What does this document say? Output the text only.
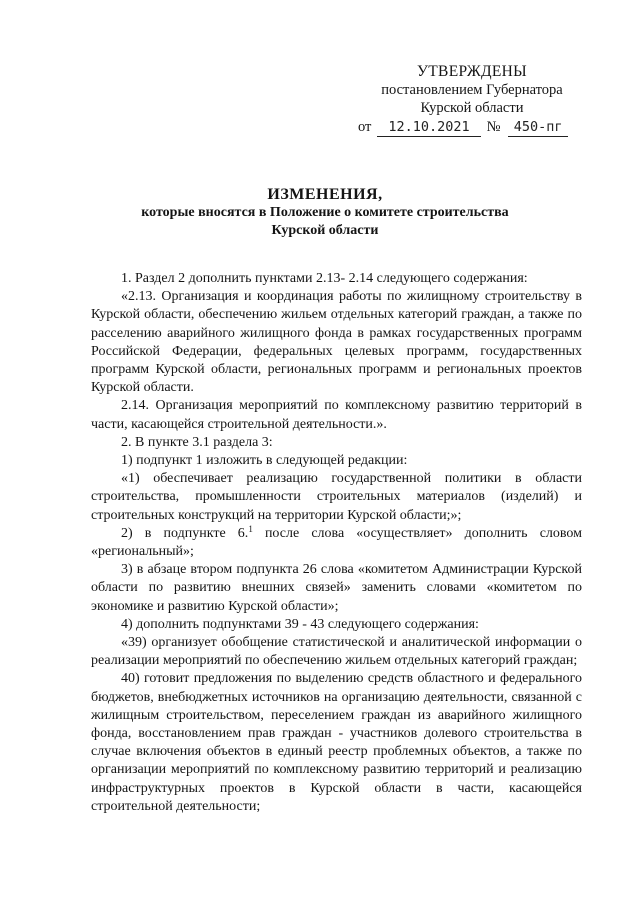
УТВЕРЖДЕНЫ
постановлением Губернатора
Курской области
от 12.10.2021 № 450-пг
ИЗМЕНЕНИЯ,
которые вносятся в Положение о комитете строительства
Курской области

1. Раздел 2 дополнить пунктами 2.13- 2.14 следующего содержания:

«2.13. Организация и координация работы по жилищному строительству в Курской области, обеспечению жильем отдельных категорий граждан, а также по расселению аварийного жилищного фонда в рамках государственных программ Российской Федерации, федеральных целевых программ, государственных программ Курской области, региональных программ и региональных проектов Курской области.

2.14. Организация мероприятий по комплексному развитию территорий в части, касающейся строительной деятельности.».

2. В пункте 3.1 раздела 3:

1) подпункт 1 изложить в следующей редакции:

«1) обеспечивает реализацию государственной политики в области строительства, промышленности строительных материалов (изделий) и строительных конструкций на территории Курской области;»;

2) в подпункте 6.$^1$ после слова «осуществляет» дополнить словом «региональный»;

3) в абзаце втором подпункта 26 слова «комитетом Администрации Курской области по развитию внешних связей» заменить словами «комитетом по экономике и развитию Курской области»;

4) дополнить подпунктами 39 - 43 следующего содержания:

«39) организует обобщение статистической и аналитической информации о реализации мероприятий по обеспечению жильем отдельных категорий граждан;

40) готовит предложения по выделению средств областного и федерального бюджетов, внебюджетных источников на организацию деятельности, связанной с жилищным строительством, переселением граждан из аварийного жилищного фонда, восстановлением прав граждан - участников долевого строительства в случае включения объектов в единый реестр проблемных объектов, а также по организации мероприятий по комплексному развитию территорий и реализацию инфраструктурных проектов в Курской области в части, касающейся строительной деятельности;
